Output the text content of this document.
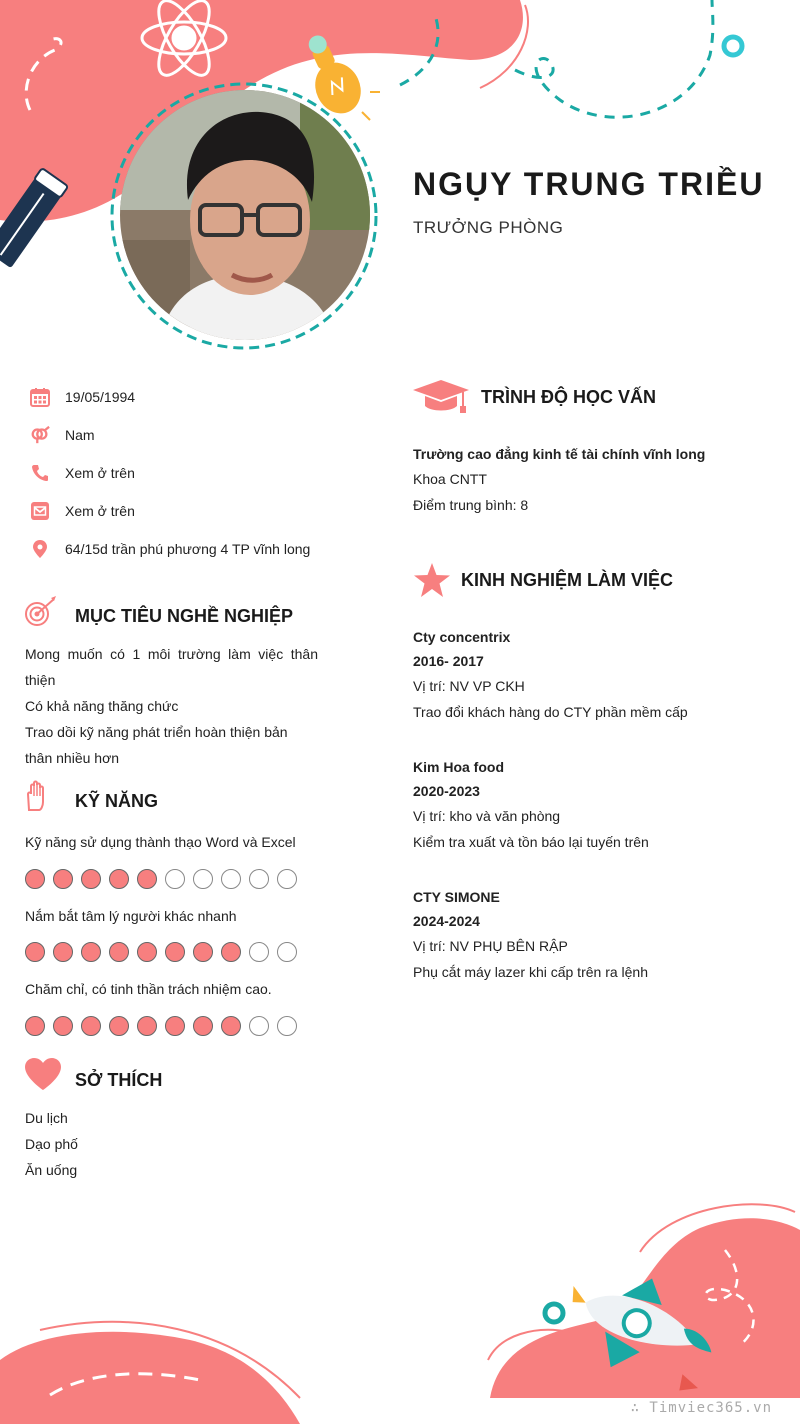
NGỤY TRUNG TRIỀU
TRƯỞNG PHÒNG
19/05/1994
Nam
Xem ở trên
Xem ở trên
64/15d trần phú phương 4 TP vĩnh long
MỤC TIÊU NGHỀ NGHIỆP
Mong muốn có 1 môi trường làm việc thân thiện
Có khả năng thăng chức
Trao dồi kỹ năng phát triển hoàn thiện bản thân nhiều hơn
KỸ NĂNG
Kỹ năng sử dụng thành thạo Word và Excel
Nắm bắt tâm lý người khác nhanh
Chăm chỉ, có tinh thần trách nhiệm cao.
SỞ THÍCH
Du lịch
Dạo phố
Ăn uống
TRÌNH ĐỘ HỌC VẤN
Trường cao đẳng kinh tế tài chính vĩnh long
Khoa CNTT
Điểm trung bình: 8
KINH NGHIỆM LÀM VIỆC
Cty concentrix
2016- 2017
Vị trí: NV VP CKH
Trao đổi khách hàng do CTY phần mềm cấp
Kim Hoa food
2020-2023
Vị trí: kho và văn phòng
Kiểm tra xuất và tồn báo lại tuyến trên
CTY SIMONE
2024-2024
Vị trí: NV PHỤ BÊN RẬP
Phụ cắt máy lazer khi cấp trên ra lệnh
∴ Timviec365.vn
